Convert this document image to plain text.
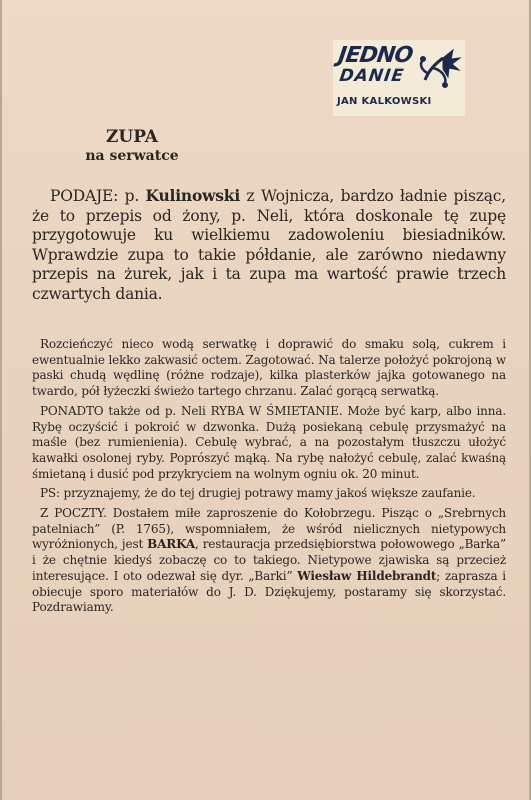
JEDNO
DANIE
JAN KALKOWSKI
ZUPA
na serwatce
PODAJE: p. Kulinowski z Wojnicza, bardzo ładnie pisząc, że to przepis od żony, p. Neli, która doskonale tę zupę przygotowuje ku wielkiemu zadowoleniu biesiadników. Wprawdzie zupa to takie półdanie, ale zarówno niedawny przepis na żurek, jak i ta zupa ma wartość prawie trzech czwartych dania.

Rozcieńczyć nieco wodą serwatkę i doprawić do smaku solą, cukrem i ewentualnie lekko zakwasić octem. Zagotować. Na talerze położyć pokrojoną w paski chudą wędlinę (różne rodzaje), kilka plasterków jajka gotowanego na twardo, pół łyżeczki świeżo tartego chrzanu. Zalać gorącą serwatką.

PONADTO także od p. Neli RYBA W ŚMIETANIE. Może być karp, albo inna. Rybę oczyścić i pokroić w dzwonka. Dużą posiekaną cebulę przysmażyć na maśle (bez rumienienia). Cebulę wybrać, a na pozostałym tłuszczu ułożyć kawałki osolonej ryby. Poprószyć mąką. Na rybę nałożyć cebulę, zalać kwaśną śmietaną i dusić pod przykryciem na wolnym ogniu ok. 20 minut.

PS: przyznajemy, że do tej drugiej potrawy mamy jakoś większe zaufanie.

Z POCZTY. Dostałem miłe zaproszenie do Kołobrzegu. Pisząc o „Srebrnych patelniach” (P. 1765), wspomniałem, że wśród nielicznych nietypowych wyróżnionych, jest BARKA, restauracja przedsiębiorstwa połowowego „Barka” i że chętnie kiedyś zobaczę co to takiego. Nietypowe zjawiska są przecież interesujące. I oto odezwał się dyr. „Barki” Wiesław Hildebrandt; zaprasza i obiecuje sporo materiałów do J. D. Dziękujemy, postaramy się skorzystać. Pozdrawiamy.
